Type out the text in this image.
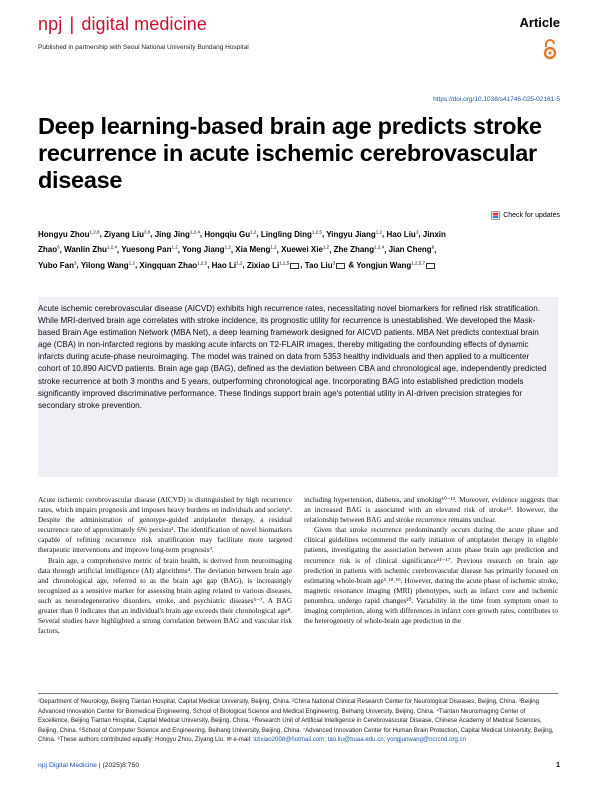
npj | digital medicine
Published in partnership with Seoul National University Bundang Hospital
Article
https://doi.org/10.1038/s41746-025-02161-5
Deep learning-based brain age predicts stroke recurrence in acute ischemic cerebrovascular disease
Check for updates
Hongyu Zhou$^{1,2,8}$, Ziyang Liu$^{3,8}$, Jing Jing$^{1,2,4}$, Hongqiu Gu$^{1,2}$, Lingling Ding$^{1,2,5}$, Yingyu Jiang$^{1,2}$, Hao Liu$^3$, Jinxin Zhao$^6$, Wanlin Zhu$^{1,2,4}$, Yuesong Pan$^{1,2}$, Yong Jiang$^{1,2}$, Xia Meng$^{1,2}$, Xuewei Xie$^{1,2}$, Zhe Zhang$^{1,2,4}$, Jian Cheng$^6$, Yubo Fan$^3$, Yilong Wang$^{1,2}$, Xingquan Zhao$^{1,2,5}$, Hao Li$^{1,2}$, Zixiao Li$^{1,2,5}$ , Tao Liu$^3$ & Yongjun Wang$^{1,2,5,7}$

Acute ischemic cerebrovascular disease (AICVD) exhibits high recurrence rates, necessitating novel biomarkers for refined risk stratification. While MRI-derived brain age correlates with stroke incidence, its prognostic utility for recurrence is unestablished. We developed the Mask-based Brain Age estimation Network (MBA Net), a deep learning framework designed for AICVD patients. MBA Net predicts contextual brain age (CBA) in non-infarcted regions by masking acute infarcts on T2-FLAIR images, thereby mitigating the confounding effects of dynamic infarcts during acute-phase neuroimaging. The model was trained on data from 5353 healthy individuals and then applied to a multicenter cohort of 10,890 AICVD patients. Brain age gap (BAG), defined as the deviation between CBA and chronological age, independently predicted stroke recurrence at both 3 months and 5 years, outperforming chronological age. Incorporating BAG into established prediction models significantly improved discriminative performance. These findings support brain age's potential utility in AI-driven precision strategies for secondary stroke prevention.

Acute ischemic cerebrovascular disease (AICVD) is distinguished by high recurrence rates, which impairs prognosis and imposes heavy burdens on individuals and society¹. Despite the administration of genotype-guided antiplatelet therapy, a residual recurrence rate of approximately 6% persists². The identification of novel biomarkers capable of refining recurrence risk stratification may facilitate more targeted therapeutic interventions and improve long-term prognosis³.

Brain age, a comprehensive metric of brain health, is derived from neuroimaging data through artificial intelligence (AI) algorithms⁴. The deviation between brain age and chronological age, referred to as the brain age gap (BAG), is increasingly recognized as a sensitive marker for assessing brain aging related to various diseases, such as neurodegenerative disorders, stroke, and psychiatric diseases⁵⁻⁷. A BAG greater than 0 indicates that an individual's brain age exceeds their chronological age⁸. Several studies have highlighted a strong correlation between BAG and vascular risk factors,

including hypertension, diabetes, and smoking¹⁰⁻¹². Moreover, evidence suggests that an increased BAG is associated with an elevated risk of stroke¹³. However, the relationship between BAG and stroke recurrence remains unclear.

Given that stroke recurrence predominantly occurs during the acute phase and clinical guidelines recommend the early initiation of antiplatelet therapy in eligible patients, investigating the association between acute phase brain age prediction and recurrence risk is of clinical significance¹⁴⁻¹⁷. Previous research on brain age prediction in patients with ischemic cerebrovascular disease has primarily focused on estimating whole-brain age⁵˒¹⁸˒¹⁹. However, during the acute phase of ischemic stroke, magnetic resonance imaging (MRI) phenotypes, such as infarct core and ischemic penumbra, undergo rapid changes²⁰. Variability in the time from symptom onset to imaging completion, along with differences in infarct core growth rates, contributes to the heterogeneity of whole-brain age prediction in the

¹Department of Neurology, Beijing Tiantan Hospital, Capital Medical University, Beijing, China. ²China National Clinical Research Center for Neurological Diseases, Beijing, China. ³Beijing Advanced Innovation Center for Biomedical Engineering, School of Biological Science and Medical Engineering, Beihang University, Beijing, China. ⁴Tiantan Neuroimaging Center of Excellence, Beijing Tiantan Hospital, Capital Medical University, Beijing, China. ⁵Research Unit of Artificial Intelligence in Cerebrovascular Disease, Chinese Academy of Medical Sciences, Beijing, China. ⁶School of Computer Science and Engineering, Beihang University, Beijing, China. ⁷Advanced Innovation Center for Human Brain Protection, Capital Medical University, Beijing, China. ⁸These authors contributed equally: Hongyu Zhou, Ziyang Liu. ✉ e-mail: lizixiao2008@hotmail.com; tao.liu@buaa.edu.cn; yongjunwang@ncrcnd.org.cn
npj Digital Medicine | (2025)8:750	1
